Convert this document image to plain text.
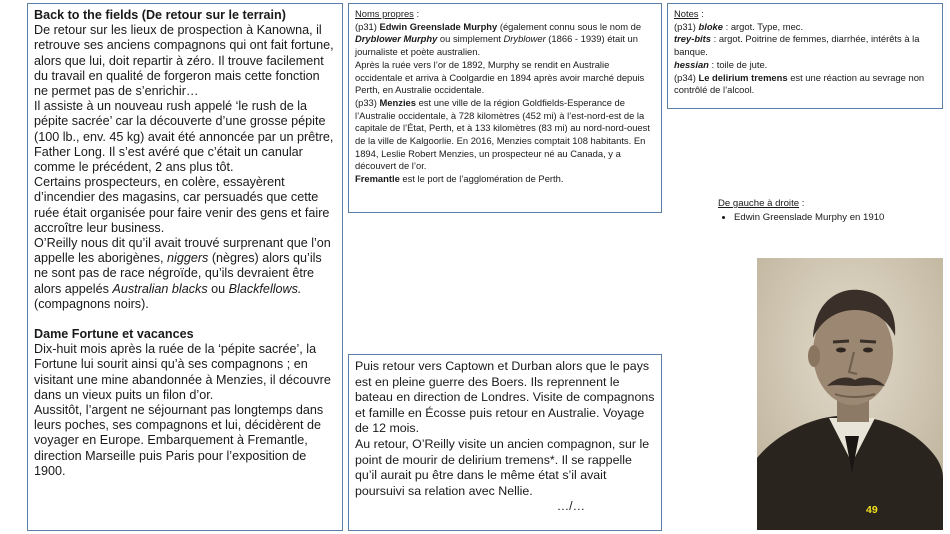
Back to the fields (De retour sur le terrain)

De retour sur les lieux de prospection à Kanowna, il retrouve ses anciens compagnons qui ont fait fortune, alors que lui, doit repartir à zéro. Il trouve facilement du travail en qualité de forgeron mais cette fonction ne permet pas de s’enrichir…

Il assiste à un nouveau rush appelé ‘le rush de la pépite sacrée’ car la découverte d’une grosse pépite (100 lb., env. 45 kg) avait été annoncée par un prêtre, Father Long. Il s’est avéré que c’était un canular comme le précédent, 2 ans plus tôt.

Certains prospecteurs, en colère, essayèrent d’incendier des magasins, car persuadés que cette ruée était organisée pour faire venir des gens et faire accroître leur business.

O’Reilly nous dit qu’il avait trouvé surprenant que l’on appelle les aborigènes, niggers (nègres) alors qu’ils ne sont pas de race négroïde, qu’ils devraient être alors appelés Australian blacks ou Blackfellows. (compagnons noirs).

Dame Fortune et vacances

Dix-huit mois après la ruée de la ‘pépite sacrée’, la Fortune lui sourit ainsi qu’à ses compagnons ; en visitant une mine abandonnée à Menzies, il découvre dans un vieux puits un filon d’or.

Aussitôt, l’argent ne séjournant pas longtemps dans leurs poches, ses compagnons et lui, décidèrent de voyager en Europe. Embarquement à Fremantle, direction Marseille puis Paris pour l’exposition de 1900.

Noms propres :

(p31) Edwin Greenslade Murphy (également connu sous le nom de Dryblower Murphy ou simplement Dryblower (1866 - 1939) était un journaliste et poète australien.

Après la ruée vers l’or de 1892, Murphy se rendit en Australie occidentale et arriva à Coolgardie en 1894 après avoir marché depuis Perth, en Australie occidentale.

(p33) Menzies est une ville de la région Goldfields-Esperance de l’Australie occidentale, à 728 kilomètres (452 mi) à l’est-nord-est de la capitale de l’État, Perth, et à 133 kilomètres (83 mi) au nord-nord-ouest de la ville de Kalgoorlie. En 2016, Menzies comptait 108 habitants. En 1894, Leslie Robert Menzies, un prospecteur né au Canada, y a découvert de l’or.

Fremantle est le port de l’agglomération de Perth.

Notes :

(p31) bloke : argot. Type, mec.

trey-bits : argot. Poitrine de femmes, diarrhée, intérêts à la banque.

hessian : toile de jute.

(p34) Le delirium tremens est une réaction au sevrage non contrôlé de l’alcool.

De gauche à droite :
• Edwin Greenslade Murphy en 1910

Puis retour vers Captown et Durban alors que le pays est en pleine guerre des Boers. Ils reprennent le bateau en direction de Londres. Visite de compagnons et famille en Écosse puis retour en Australie. Voyage de 12 mois.

Au retour, O’Reilly visite un ancien compagnon, sur le point de mourir de delirium tremens*. Il se rappelle qu’il aurait pu être dans le même état s’il avait poursuivi sa relation avec Nellie.

…/…	49
